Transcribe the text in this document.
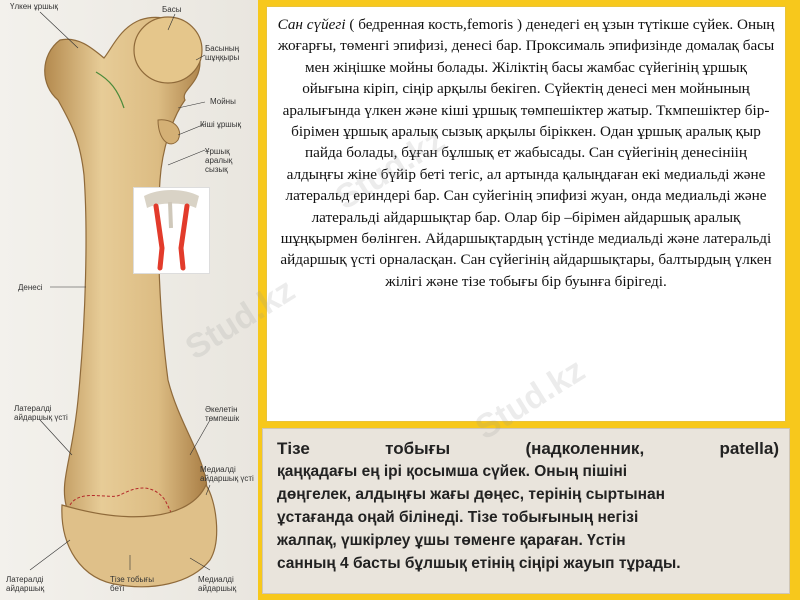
Үлкен ұршық	Басы
Басының шұңқыры
Мойны
Кіші ұршық
Ұршық аралық сызық
Денесі
Латералді айдаршық үсті
Әкелетін төмпешік
Медиалді айдаршық үсті
Латералді айдаршық
Тізе тобығы беті
Медиалді айдаршық

Сан сүйегі ( бедренная кость,femoris ) денедегі ең ұзын түтікше сүйек. Оның жоғарғы, төменгі эпифизі, денесі бар. Проксималь эпифизінде домалақ басы мен жіңішке мойны болады. Жіліктің басы жамбас сүйегінің ұршық ойығына кіріп, сіңір арқылы бекігеn. Сүйектің денесі мен мойнының аралығында үлкен және кіші ұршық төмпешіктер жатыр. Ткмпешіктер бір-бірімен ұршық аралық сызық арқылы біріккен. Одан ұршық аралық қыр пайда болады, бұған бұлшық ет жабысады. Сан сүйегінің денесініің алдыңғы жіне бүйір беті тегіс, ал артында қалыңдаған екі медиальді және латеральд ериндері бар. Сан суйегінің эпифизі жуан, онда медиальді және латеральді айдаршықтар бар. Олар бір –бірімен айдаршық аралық шұңқырмен бөлінген. Айдаршықтардың үстінде медиальді және латеральді айдаршық үсті орналасқан. Сан сүйегінің айдаршықтары, балтырдың үлкен жілігі және тізе тобығы бір буынға бірігеді.

Тізе	тобығы	(надколенник,	patella)
қаңқадағы ең ірі қосымша сүйек. Оның пішіні
дөңгелек, алдыңғы жағы дөңес, терінің сыртынан
ұстағанда оңай білінеді. Тізе тобығының негізі
жалпақ, үшкірлеу ұшы төменге қараған. Үстін
санның 4 басты бұлшық етінің сіңірі жауып тұрады.
